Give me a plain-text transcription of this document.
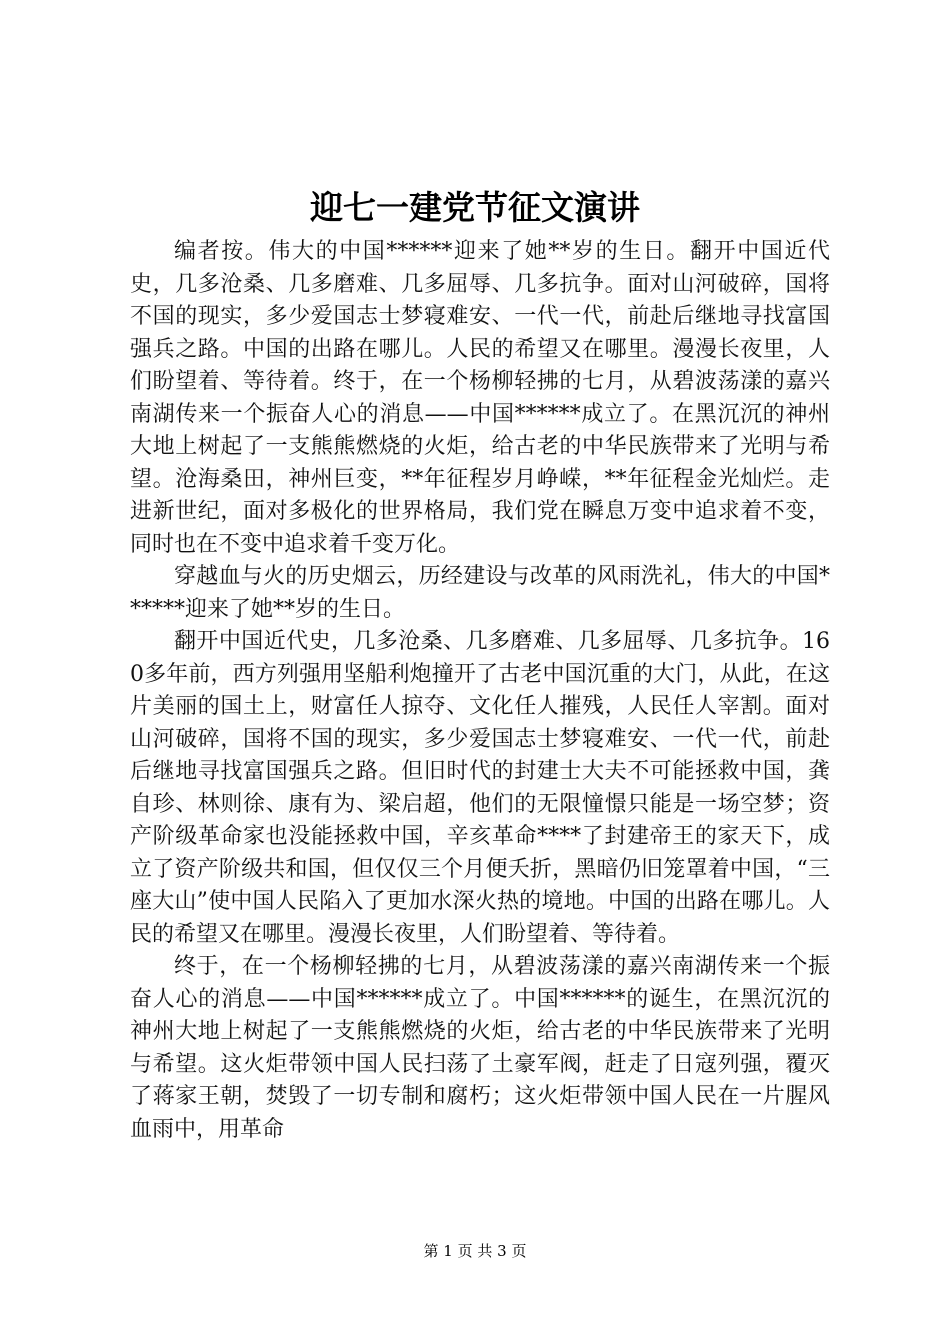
迎七一建党节征文演讲

编者按。伟大的中国******迎来了她**岁的生日。翻开中国近代史，几多沧桑、几多磨难、几多屈辱、几多抗争。面对山河破碎，国将不国的现实，多少爱国志士梦寝难安、一代一代，前赴后继地寻找富国强兵之路。中国的出路在哪儿。人民的希望又在哪里。漫漫长夜里，人们盼望着、等待着。终于，在一个杨柳轻拂的七月，从碧波荡漾的嘉兴南湖传来一个振奋人心的消息——中国******成立了。在黑沉沉的神州大地上树起了一支熊熊燃烧的火炬，给古老的中华民族带来了光明与希望。沧海桑田，神州巨变，**年征程岁月峥嵘，**年征程金光灿烂。走进新世纪，面对多极化的世界格局，我们党在瞬息万变中追求着不变，同时也在不变中追求着千变万化。

穿越血与火的历史烟云，历经建设与改革的风雨洗礼，伟大的中国******迎来了她**岁的生日。

翻开中国近代史，几多沧桑、几多磨难、几多屈辱、几多抗争。160多年前，西方列强用坚船利炮撞开了古老中国沉重的大门，从此，在这片美丽的国土上，财富任人掠夺、文化任人摧残，人民任人宰割。面对山河破碎，国将不国的现实，多少爱国志士梦寝难安、一代一代，前赴后继地寻找富国强兵之路。但旧时代的封建士大夫不可能拯救中国，龚自珍、林则徐、康有为、梁启超，他们的无限憧憬只能是一场空梦；资产阶级革命家也没能拯救中国，辛亥革命****了封建帝王的家天下，成立了资产阶级共和国，但仅仅三个月便夭折，黑暗仍旧笼罩着中国，“三座大山”使中国人民陷入了更加水深火热的境地。中国的出路在哪儿。人民的希望又在哪里。漫漫长夜里，人们盼望着、等待着。

终于，在一个杨柳轻拂的七月，从碧波荡漾的嘉兴南湖传来一个振奋人心的消息——中国******成立了。中国******的诞生，在黑沉沉的神州大地上树起了一支熊熊燃烧的火炬，给古老的中华民族带来了光明与希望。这火炬带领中国人民扫荡了土豪军阀，赶走了日寇列强，覆灭了蒋家王朝，焚毁了一切专制和腐朽；这火炬带领中国人民在一片腥风血雨中，用革命

第 1 页 共 3 页
